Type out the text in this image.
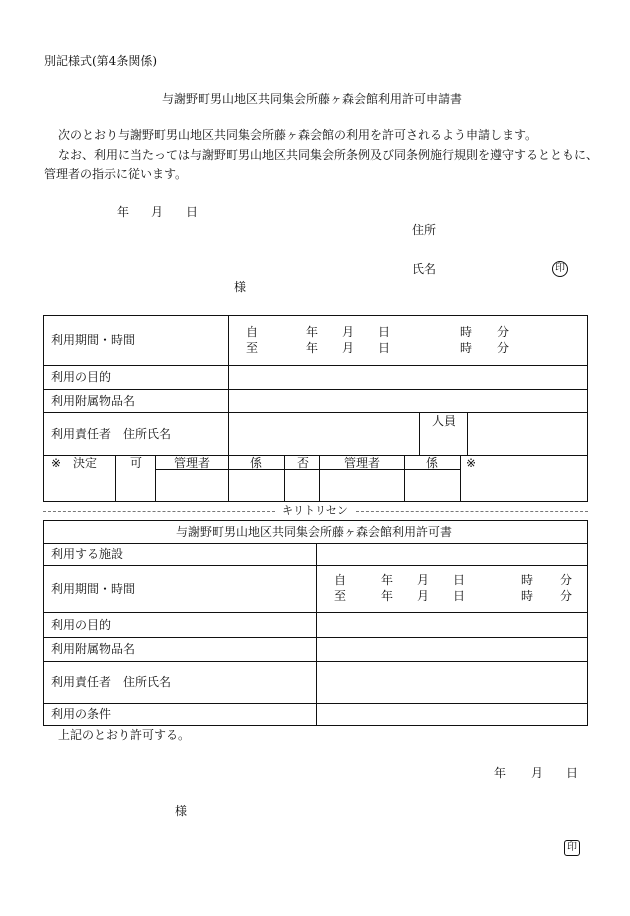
別記様式(第4条関係)
与謝野町男山地区共同集会所藤ヶ森会館利用許可申請書
次のとおり与謝野町男山地区共同集会所藤ヶ森会館の利用を許可されるよう申請します。
なお、利用に当たっては与謝野町男山地区共同集会所条例及び同条例施行規則を遵守するとともに、
管理者の指示に従います。
年 月 日
住所
氏名	印
様
利用期間・時間
自	年 月 日	時 分
至	年 月 日	時 分
利用の目的
利用附属物品名
利用責任者　住所氏名
人員
※ 決定	可	管理者	係	否	管理者	係 ※
キリトリセン
与謝野町男山地区共同集会所藤ヶ森会館利用許可書
利用する施設
利用期間・時間
自	年 月 日	時 分
至	年 月 日	時 分
利用の目的
利用附属物品名
利用責任者　住所氏名
利用の条件
上記のとおり許可する。
年 月 日
様
印
